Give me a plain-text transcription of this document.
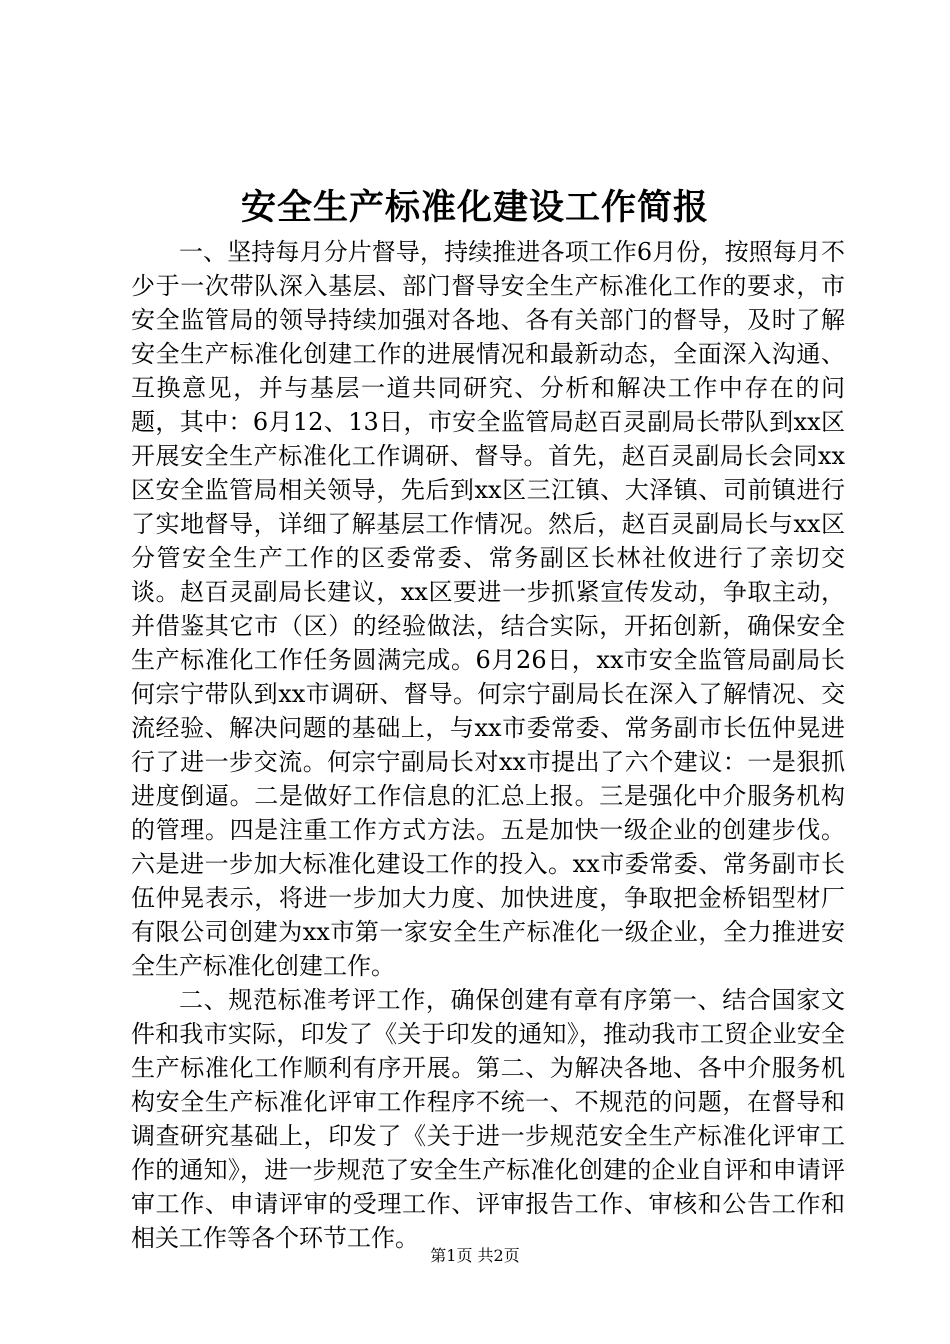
安全生产标准化建设工作简报

一、坚持每月分片督导，持续推进各项工作6月份，按照每月不少于一次带队深入基层、部门督导安全生产标准化工作的要求，市安全监管局的领导持续加强对各地、各有关部门的督导，及时了解安全生产标准化创建工作的进展情况和最新动态，全面深入沟通、互换意见，并与基层一道共同研究、分析和解决工作中存在的问题，其中：6月12、13日，市安全监管局赵百灵副局长带队到xx区开展安全生产标准化工作调研、督导。首先，赵百灵副局长会同xx区安全监管局相关领导，先后到xx区三江镇、大泽镇、司前镇进行了实地督导，详细了解基层工作情况。然后，赵百灵副局长与xx区分管安全生产工作的区委常委、常务副区长林社攸进行了亲切交谈。赵百灵副局长建议，xx区要进一步抓紧宣传发动，争取主动，并借鉴其它市（区）的经验做法，结合实际，开拓创新，确保安全生产标准化工作任务圆满完成。6月26日，xx市安全监管局副局长何宗宁带队到xx市调研、督导。何宗宁副局长在深入了解情况、交流经验、解决问题的基础上，与xx市委常委、常务副市长伍仲晃进行了进一步交流。何宗宁副局长对xx市提出了六个建议：一是狠抓进度倒逼。二是做好工作信息的汇总上报。三是强化中介服务机构的管理。四是注重工作方式方法。五是加快一级企业的创建步伐。六是进一步加大标准化建设工作的投入。xx市委常委、常务副市长伍仲晃表示，将进一步加大力度、加快进度，争取把金桥铝型材厂有限公司创建为xx市第一家安全生产标准化一级企业，全力推进安全生产标准化创建工作。

二、规范标准考评工作，确保创建有章有序第一、结合国家文件和我市实际，印发了《关于印发的通知》，推动我市工贸企业安全生产标准化工作顺利有序开展。第二、为解决各地、各中介服务机构安全生产标准化评审工作程序不统一、不规范的问题，在督导和调查研究基础上，印发了《关于进一步规范安全生产标准化评审工作的通知》，进一步规范了安全生产标准化创建的企业自评和申请评审工作、申请评审的受理工作、评审报告工作、审核和公告工作和相关工作等各个环节工作。

第1页 共2页
